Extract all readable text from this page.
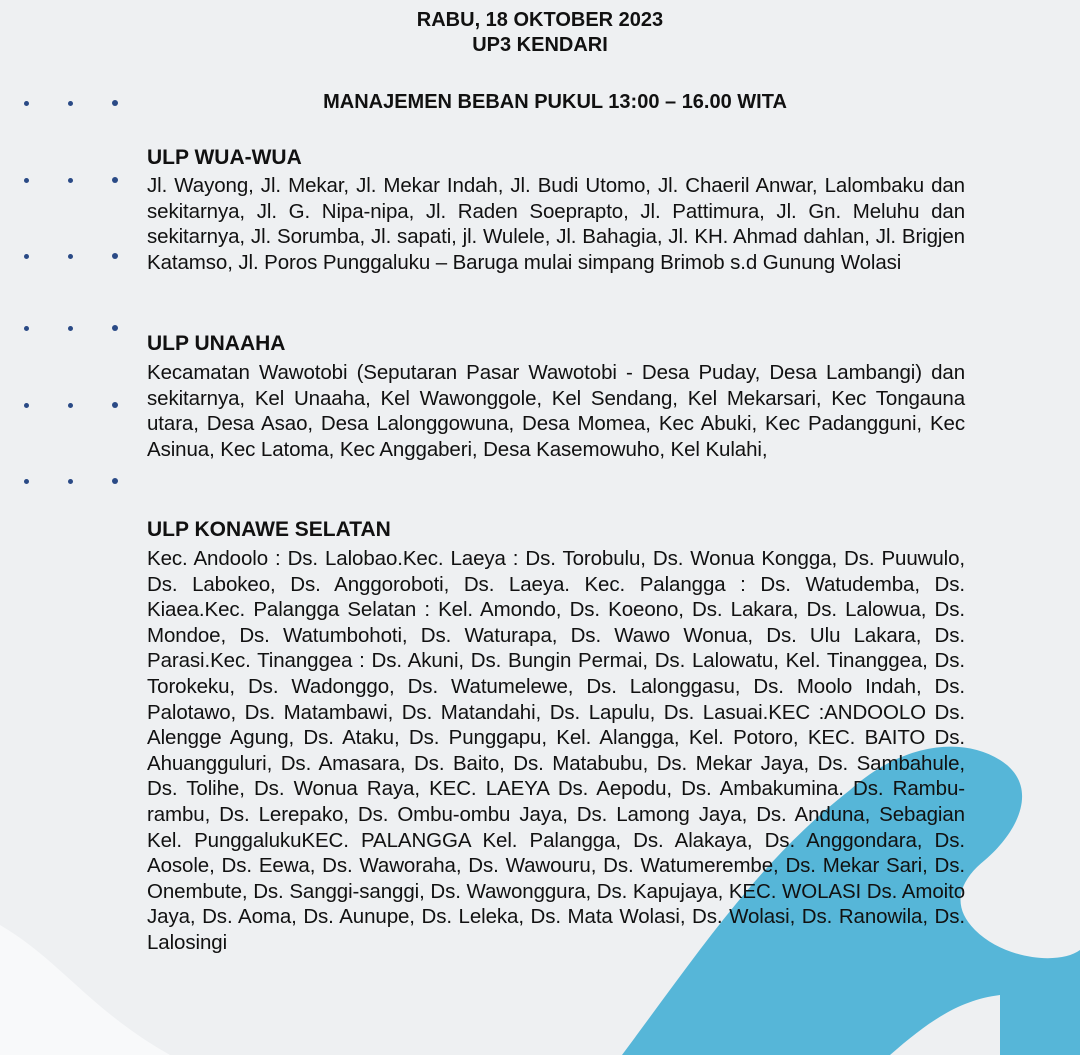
RABU, 18 OKTOBER 2023
UP3 KENDARI
MANAJEMEN BEBAN PUKUL 13:00 – 16.00 WITA
ULP WUA-WUA
Jl. Wayong, Jl. Mekar, Jl. Mekar Indah, Jl. Budi Utomo, Jl. Chaeril Anwar, Lalombaku dan sekitarnya, Jl. G. Nipa-nipa, Jl. Raden Soeprapto, Jl. Pattimura, Jl. Gn. Meluhu dan sekitarnya, Jl. Sorumba, Jl. sapati, jl. Wulele, Jl. Bahagia, Jl. KH. Ahmad dahlan, Jl. Brigjen Katamso, Jl. Poros Punggaluku – Baruga mulai simpang Brimob s.d Gunung Wolasi
ULP UNAAHA
Kecamatan Wawotobi (Seputaran Pasar Wawotobi - Desa Puday, Desa Lambangi) dan sekitarnya, Kel Unaaha, Kel Wawonggole, Kel Sendang, Kel Mekarsari, Kec Tongauna utara, Desa Asao, Desa Lalonggowuna, Desa Momea, Kec Abuki, Kec Padangguni, Kec Asinua, Kec Latoma, Kec Anggaberi, Desa Kasemowuho, Kel Kulahi,
ULP KONAWE SELATAN
Kec. Andoolo : Ds. Lalobao.Kec. Laeya : Ds. Torobulu, Ds. Wonua Kongga, Ds. Puuwulo, Ds. Labokeo, Ds. Anggoroboti, Ds. Laeya. Kec. Palangga : Ds. Watudemba, Ds. Kiaea.Kec. Palangga Selatan : Kel. Amondo, Ds. Koeono, Ds. Lakara, Ds. Lalowua, Ds. Mondoe, Ds. Watumbohoti, Ds. Waturapa, Ds. Wawo Wonua, Ds. Ulu Lakara, Ds. Parasi.Kec. Tinanggea : Ds. Akuni, Ds. Bungin Permai, Ds. Lalowatu, Kel. Tinanggea, Ds. Torokeku, Ds. Wadonggo, Ds. Watumelewe, Ds. Lalonggasu, Ds. Moolo Indah, Ds. Palotawo, Ds. Matambawi, Ds. Matandahi, Ds. Lapulu, Ds. Lasuai.KEC :ANDOOLO Ds. Alengge Agung, Ds. Ataku, Ds. Punggapu, Kel. Alangga, Kel. Potoro, KEC. BAITO Ds. Ahuangguluri, Ds. Amasara, Ds. Baito, Ds. Matabubu, Ds. Mekar Jaya, Ds. Sambahule, Ds. Tolihe, Ds. Wonua Raya, KEC. LAEYA Ds. Aepodu, Ds. Ambakumina. Ds. Rambu-rambu, Ds. Lerepako, Ds. Ombu-ombu Jaya, Ds. Lamong Jaya, Ds. Anduna, Sebagian Kel. PunggalukuKEC. PALANGGA Kel. Palangga, Ds. Alakaya, Ds. Anggondara, Ds. Aosole, Ds. Eewa, Ds. Waworaha, Ds. Wawouru, Ds. Watumerembe, Ds. Mekar Sari, Ds. Onembute, Ds. Sanggi-sanggi, Ds. Wawonggura, Ds. Kapujaya, KEC. WOLASI Ds. Amoito Jaya, Ds. Aoma, Ds. Aunupe, Ds. Leleka, Ds. Mata Wolasi, Ds. Wolasi, Ds. Ranowila, Ds. Lalosingi
